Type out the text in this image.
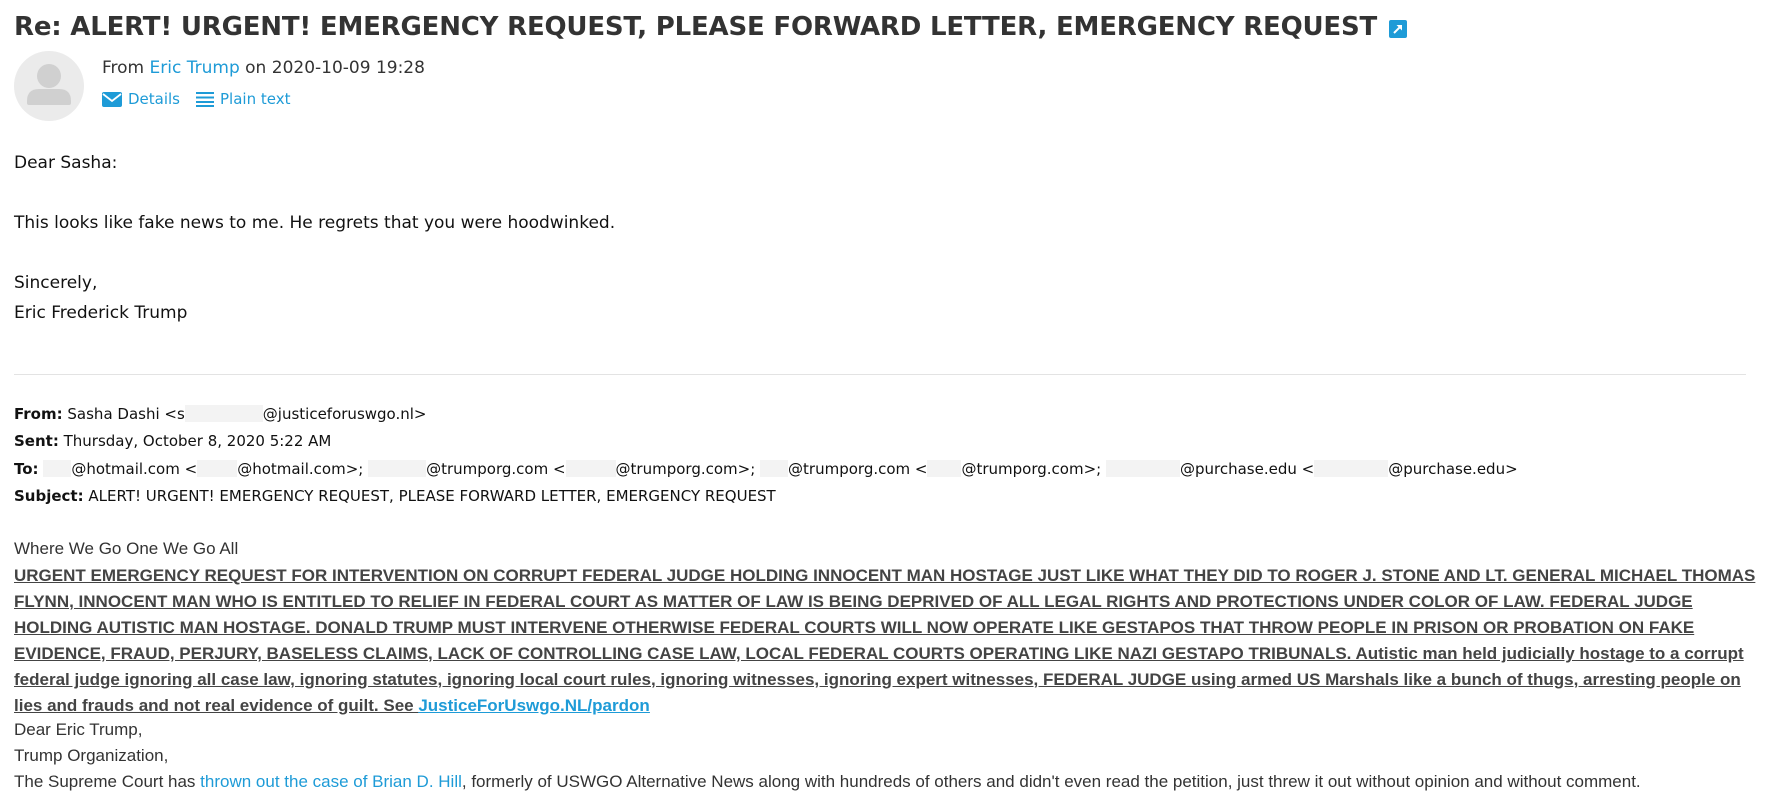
Re: ALERT! URGENT! EMERGENCY REQUEST, PLEASE FORWARD LETTER, EMERGENCY REQUEST
From Eric Trump on 2020-10-09 19:28
Details	Plain text
Dear Sasha:
This looks like fake news to me. He regrets that you were hoodwinked.
Sincerely,
Eric Frederick Trump
From: Sasha Dashi <s	@justiceforuswgo.nl>
Sent: Thursday, October 8, 2020 5:22 AM
To: @hotmail.com <	@hotmail.com>;	@trumporg.com <	@trumporg.com>; @trumporg.com < @trumporg.com>;	@purchase.edu <	@purchase.edu>
Subject: ALERT! URGENT! EMERGENCY REQUEST, PLEASE FORWARD LETTER, EMERGENCY REQUEST
Where We Go One We Go All
URGENT EMERGENCY REQUEST FOR INTERVENTION ON CORRUPT FEDERAL JUDGE HOLDING INNOCENT MAN HOSTAGE JUST LIKE WHAT THEY DID TO ROGER J. STONE AND LT. GENERAL MICHAEL THOMAS FLYNN, INNOCENT MAN WHO IS ENTITLED TO RELIEF IN FEDERAL COURT AS MATTER OF LAW IS BEING DEPRIVED OF ALL LEGAL RIGHTS AND PROTECTIONS UNDER COLOR OF LAW. FEDERAL JUDGE HOLDING AUTISTIC MAN HOSTAGE. DONALD TRUMP MUST INTERVENE OTHERWISE FEDERAL COURTS WILL NOW OPERATE LIKE GESTAPOS THAT THROW PEOPLE IN PRISON OR PROBATION ON FAKE EVIDENCE, FRAUD, PERJURY, BASELESS CLAIMS, LACK OF CONTROLLING CASE LAW, LOCAL FEDERAL COURTS OPERATING LIKE NAZI GESTAPO TRIBUNALS. Autistic man held judicially hostage to a corrupt federal judge ignoring all case law, ignoring statutes, ignoring local court rules, ignoring witnesses, ignoring expert witnesses, FEDERAL JUDGE using armed US Marshals like a bunch of thugs, arresting people on lies and frauds and not real evidence of guilt. See JusticeForUswgo.NL/pardon
Dear Eric Trump,
Trump Organization,
The Supreme Court has thrown out the case of Brian D. Hill, formerly of USWGO Alternative News along with hundreds of others and didn't even read the petition, just threw it out without opinion and without comment.
